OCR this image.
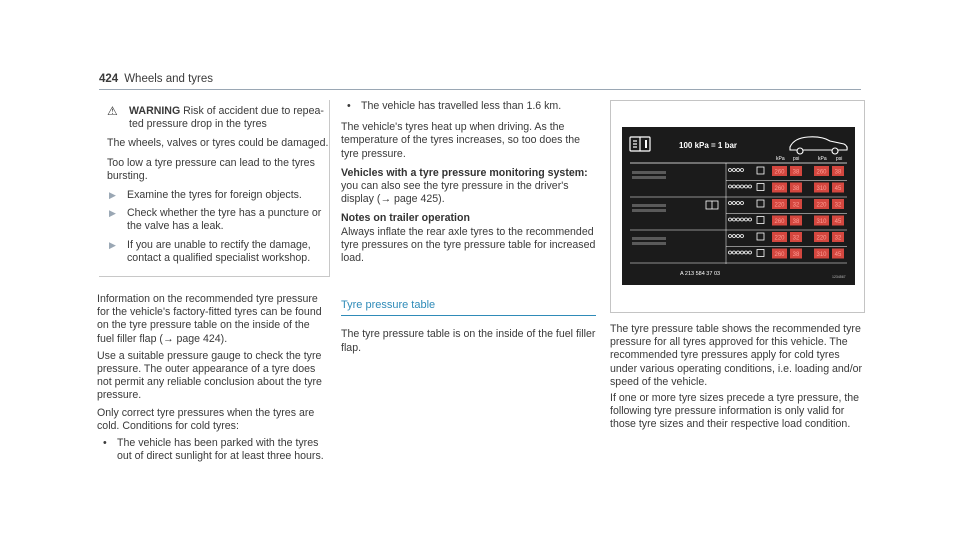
424 Wheels and tyres
⚠	WARNING Risk of accident due to repeated pressure drop in the tyres

The wheels, valves or tyres could be damaged.

Too low a tyre pressure can lead to the tyres bursting.

▶	Examine the tyres for foreign objects.
▶	Check whether the tyre has a puncture or the valve has a leak.
▶	If you are unable to rectify the damage, contact a qualified specialist workshop.

Information on the recommended tyre pressure for the vehicle's factory-fitted tyres can be found on the tyre pressure table on the inside of the fuel filler flap (→ page 424).

Use a suitable pressure gauge to check the tyre pressure. The outer appearance of a tyre does not permit any reliable conclusion about the tyre pressure.

Only correct tyre pressures when the tyres are cold. Conditions for cold tyres:

• The vehicle has been parked with the tyres out of direct sunlight for at least three hours.
• The vehicle has travelled less than 1.6 km.

The vehicle's tyres heat up when driving. As the temperature of the tyres increases, so too does the tyre pressure.

Vehicles with a tyre pressure monitoring system:

you can also see the tyre pressure in the driver's display (→ page 425).

Notes on trailer operation

Always inflate the rear axle tyres to the recommended tyre pressures on the tyre pressure table for increased load.

Tyre pressure table

The tyre pressure table is on the inside of the fuel filler flap.

100 kPa = 1 bar
kPa psi	kPa psi
260 38	260 38
260 38	310 45
220 32	220 32
260 38	310 45
220 32	220 32
260 38	310 45
A 213 584 37 03	1234567

The tyre pressure table shows the recommended tyre pressure for all tyres approved for this vehicle. The recommended tyre pressures apply for cold tyres under various operating conditions, i.e. loading and/or speed of the vehicle.

If one or more tyre sizes precede a tyre pressure, the following tyre pressure information is only valid for those tyre sizes and their respective load condition.
